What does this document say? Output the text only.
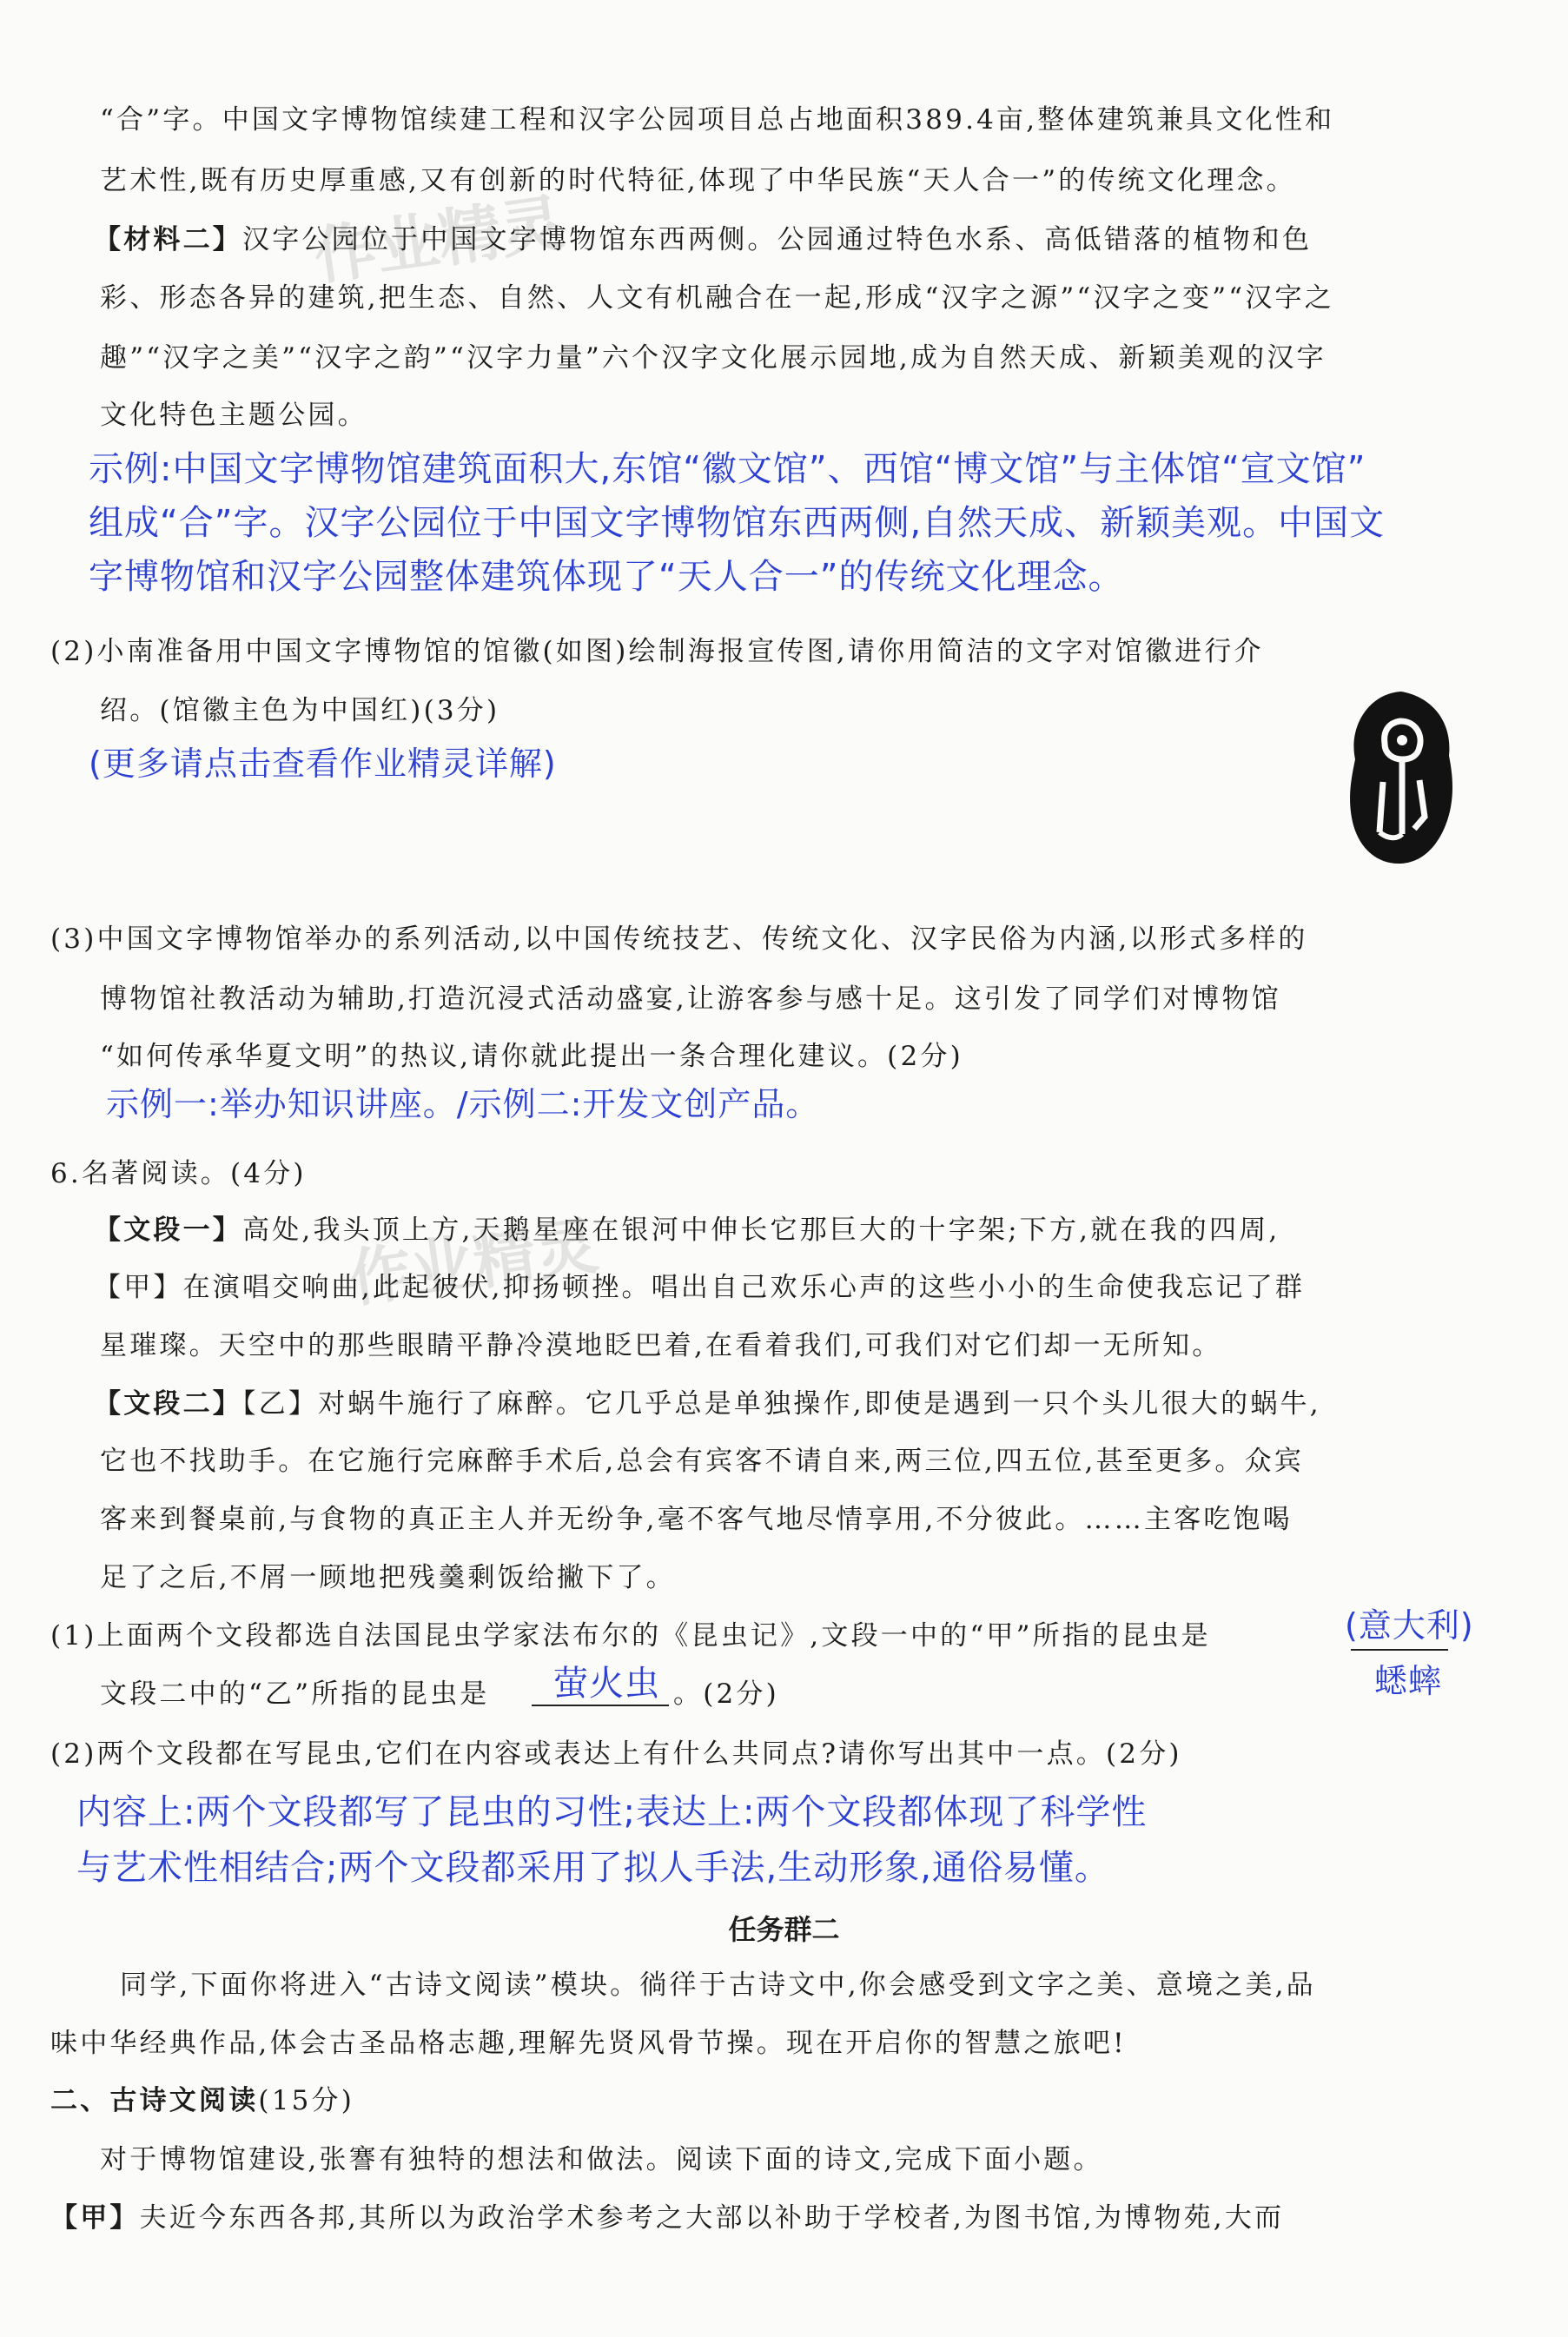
作业精灵
作业精灵
“合”字。中国文字博物馆续建工程和汉字公园项目总占地面积389.4亩,整体建筑兼具文化性和
艺术性,既有历史厚重感,又有创新的时代特征,体现了中华民族“天人合一”的传统文化理念。
【材料二】汉字公园位于中国文字博物馆东西两侧。公园通过特色水系、高低错落的植物和色
彩、形态各异的建筑,把生态、自然、人文有机融合在一起,形成“汉字之源”“汉字之变”“汉字之
趣”“汉字之美”“汉字之韵”“汉字力量”六个汉字文化展示园地,成为自然天成、新颖美观的汉字
文化特色主题公园。
示例:中国文字博物馆建筑面积大,东馆“徽文馆”、西馆“博文馆”与主体馆“宣文馆”
组成“合”字。汉字公园位于中国文字博物馆东西两侧,自然天成、新颖美观。中国文
字博物馆和汉字公园整体建筑体现了“天人合一”的传统文化理念。
(2)小南准备用中国文字博物馆的馆徽(如图)绘制海报宣传图,请你用简洁的文字对馆徽进行介
绍。(馆徽主色为中国红)(3分)
(更多请点击查看作业精灵详解)
(3)中国文字博物馆举办的系列活动,以中国传统技艺、传统文化、汉字民俗为内涵,以形式多样的
博物馆社教活动为辅助,打造沉浸式活动盛宴,让游客参与感十足。这引发了同学们对博物馆
“如何传承华夏文明”的热议,请你就此提出一条合理化建议。(2分)
示例一:举办知识讲座。/示例二:开发文创产品。
6.名著阅读。(4分)
【文段一】高处,我头顶上方,天鹅星座在银河中伸长它那巨大的十字架;下方,就在我的四周,
【甲】在演唱交响曲,此起彼伏,抑扬顿挫。唱出自己欢乐心声的这些小小的生命使我忘记了群
星璀璨。天空中的那些眼睛平静冷漠地眨巴着,在看着我们,可我们对它们却一无所知。
【文段二】【乙】对蜗牛施行了麻醉。它几乎总是单独操作,即使是遇到一只个头儿很大的蜗牛,
它也不找助手。在它施行完麻醉手术后,总会有宾客不请自来,两三位,四五位,甚至更多。众宾
客来到餐桌前,与食物的真正主人并无纷争,毫不客气地尽情享用,不分彼此。……主客吃饱喝
足了之后,不屑一顾地把残羹剩饭给撇下了。
(1)上面两个文段都选自法国昆虫学家法布尔的《昆虫记》,文段一中的“甲”所指的昆虫是	(意大利)
蟋蟀
文段二中的“乙”所指的昆虫是 萤火虫 。(2分)
(2)两个文段都在写昆虫,它们在内容或表达上有什么共同点?请你写出其中一点。(2分)
内容上:两个文段都写了昆虫的习性;表达上:两个文段都体现了科学性
与艺术性相结合;两个文段都采用了拟人手法,生动形象,通俗易懂。
任务群二
同学,下面你将进入“古诗文阅读”模块。徜徉于古诗文中,你会感受到文字之美、意境之美,品
味中华经典作品,体会古圣品格志趣,理解先贤风骨节操。现在开启你的智慧之旅吧!
二、古诗文阅读(15分)
对于博物馆建设,张謇有独特的想法和做法。阅读下面的诗文,完成下面小题。
【甲】夫近今东西各邦,其所以为政治学术参考之大部以补助于学校者,为图书馆,为博物苑,大而
